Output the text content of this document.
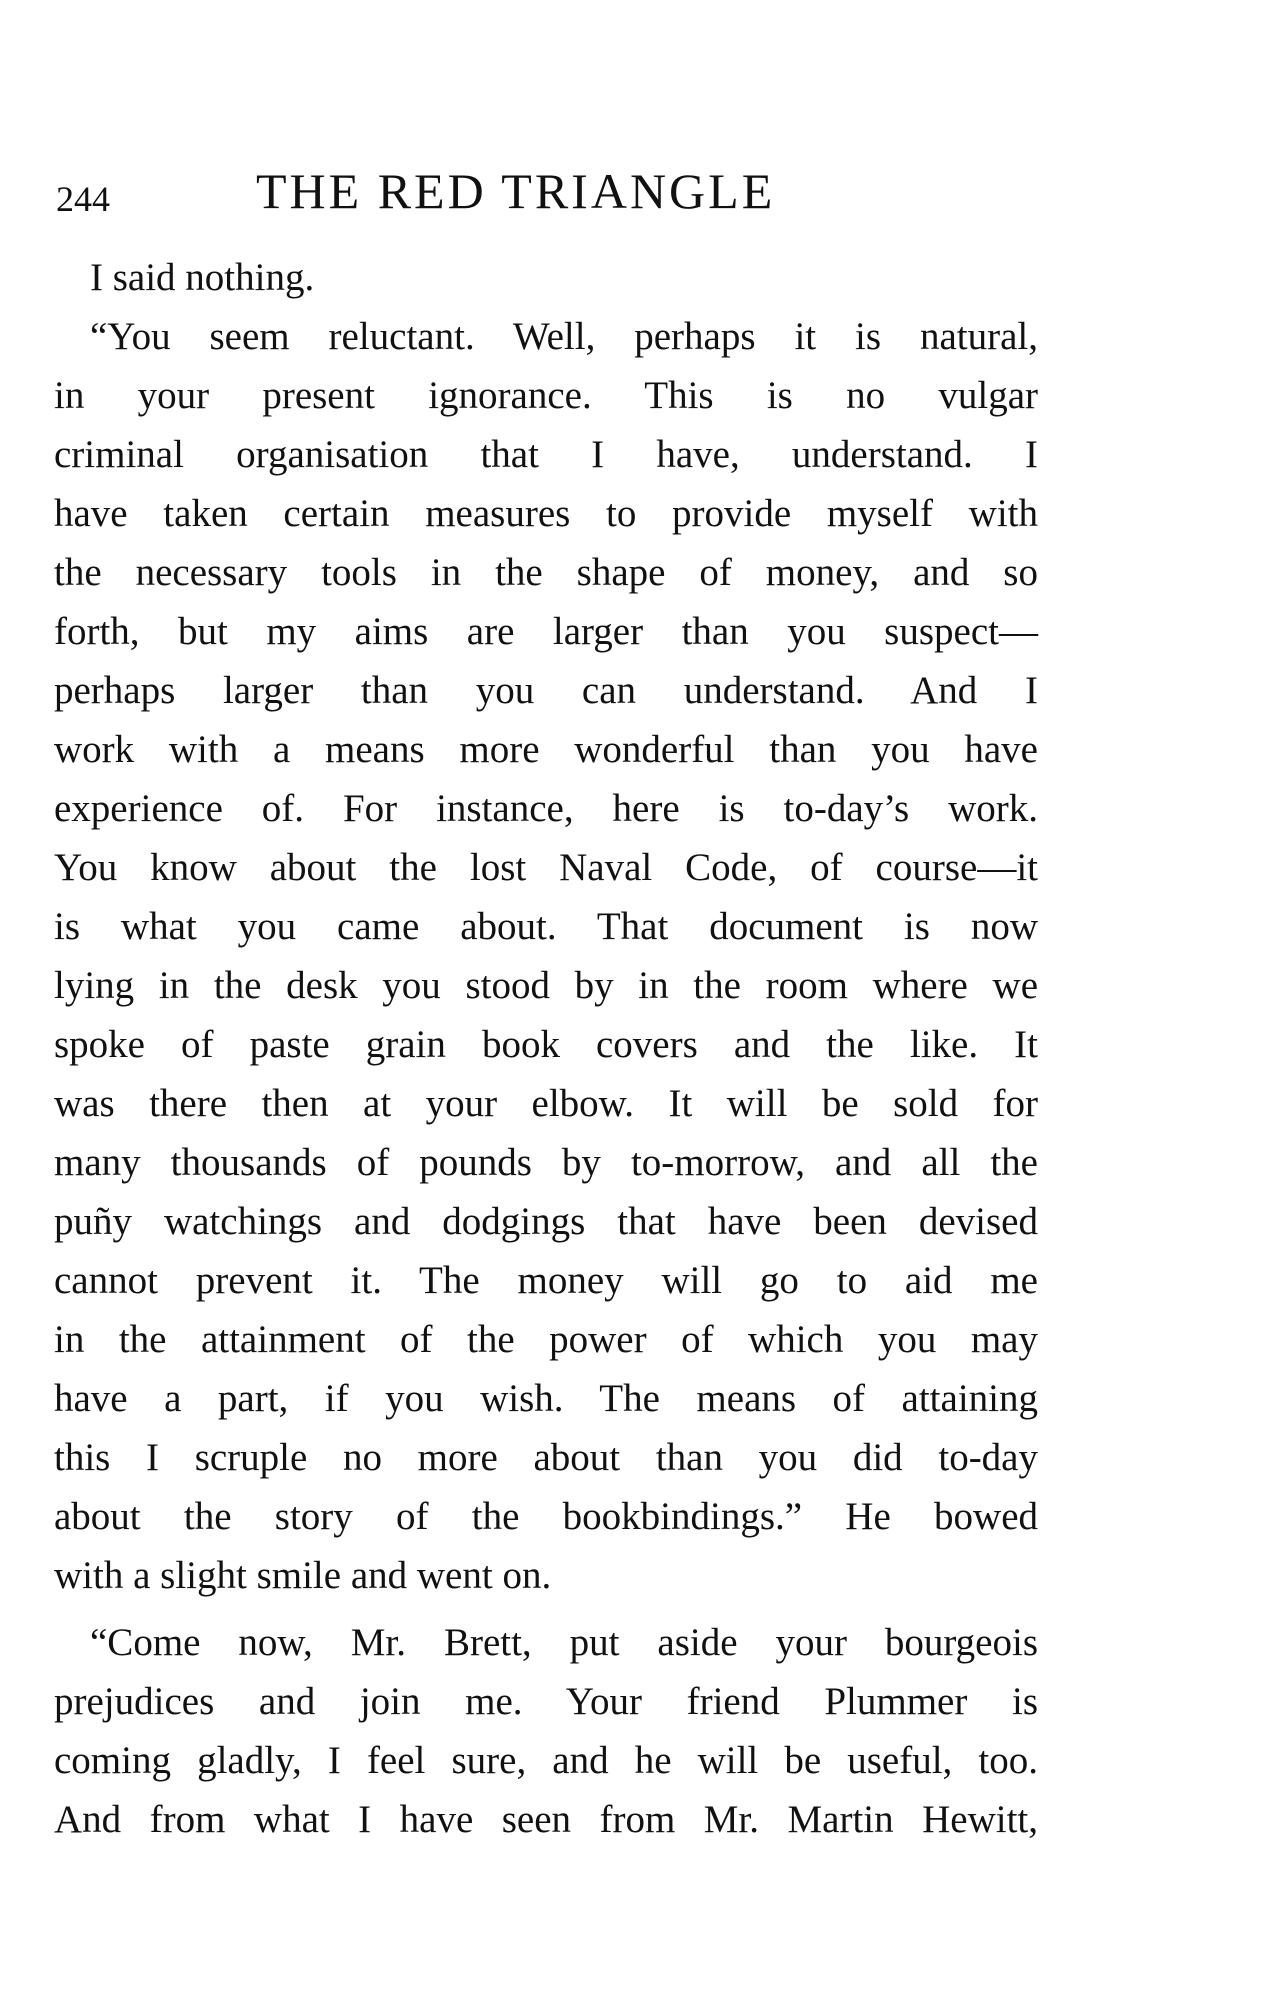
244	THE RED TRIANGLE
I said nothing.
“You seem reluctant. Well, perhaps it is natural,
in your present ignorance. This is no vulgar
criminal organisation that I have, understand. I
have taken certain measures to provide myself with
the necessary tools in the shape of money, and so
forth, but my aims are larger than you suspect—
perhaps larger than you can understand. And I
work with a means more wonderful than you have
experience of. For instance, here is to-day’s work.
You know about the lost Naval Code, of course—it
is what you came about. That document is now
lying in the desk you stood by in the room where we
spoke of paste grain book covers and the like. It
was there then at your elbow. It will be sold for
many thousands of pounds by to-morrow, and all the
puñy watchings and dodgings that have been devised
cannot prevent it. The money will go to aid me
in the attainment of the power of which you may
have a part, if you wish. The means of attaining
this I scruple no more about than you did to-day
about the story of the bookbindings.” He bowed
with a slight smile and went on.
“Come now, Mr. Brett, put aside your bourgeois
prejudices and join me. Your friend Plummer is
coming gladly, I feel sure, and he will be useful, too.
And from what I have seen from Mr. Martin Hewitt,
